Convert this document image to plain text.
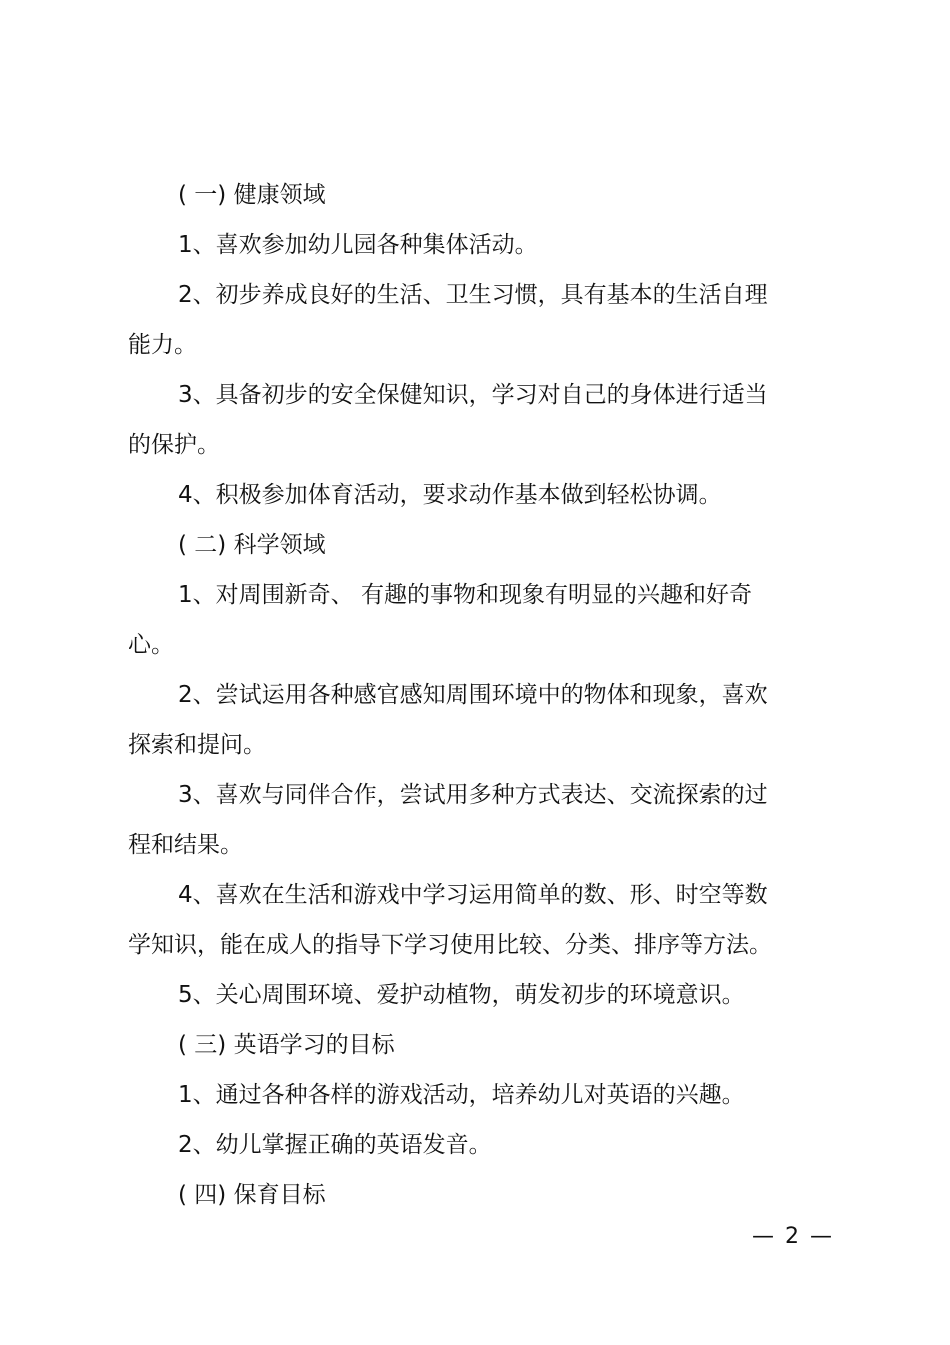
( 一) 健康领域

1、喜欢参加幼儿园各种集体活动。

2、初步养成良好的生活、卫生习惯，具有基本的生活自理能力。

3、具备初步的安全保健知识，学习对自己的身体进行适当的保护。

4、积极参加体育活动，要求动作基本做到轻松协调。

( 二) 科学领域

1、对周围新奇、 有趣的事物和现象有明显的兴趣和好奇心。

2、尝试运用各种感官感知周围环境中的物体和现象，喜欢探索和提问。

3、喜欢与同伴合作，尝试用多种方式表达、交流探索的过程和结果。

4、喜欢在生活和游戏中学习运用简单的数、形、时空等数学知识，能在成人的指导下学习使用比较、分类、排序等方法。

5、关心周围环境、爱护动植物，萌发初步的环境意识。

( 三) 英语学习的目标

1、通过各种各样的游戏活动，培养幼儿对英语的兴趣。

2、幼儿掌握正确的英语发音。

( 四) 保育目标

— 2 —
